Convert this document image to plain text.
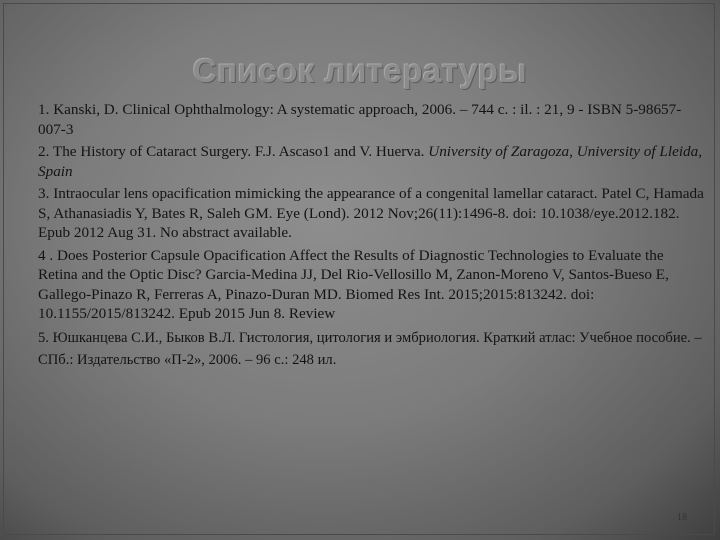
Список литературы
1. Kanski, D. Clinical Ophthalmology: A systematic approach, 2006. – 744 с. : il. : 21, 9 - ISBN 5-98657-007-3
2. The History of Cataract Surgery. F.J. Ascaso1 and V. Huerva. University of Zaragoza, University of Lleida, Spain
3. Intraocular lens opacification mimicking the appearance of a congenital lamellar cataract. Patel C, Hamada S, Athanasiadis Y, Bates R, Saleh GM. Eye (Lond). 2012 Nov;26(11):1496-8. doi: 10.1038/eye.2012.182. Epub 2012 Aug 31. No abstract available.
4 . Does Posterior Capsule Opacification Affect the Results of Diagnostic Technologies to Evaluate the Retina and the Optic Disc? Garcia-Medina JJ, Del Rio-Vellosillo M, Zanon-Moreno V, Santos-Bueso E, Gallego-Pinazo R, Ferreras A, Pinazo-Duran MD. Biomed Res Int. 2015;2015:813242. doi: 10.1155/2015/813242. Epub 2015 Jun 8. Review
5. Юшканцева С.И., Быков В.Л. Гистология, цитология и эмбриология. Краткий атлас: Учебное пособие. – СПб.: Издательство «П-2», 2006. – 96 с.: 248 ил.
18
